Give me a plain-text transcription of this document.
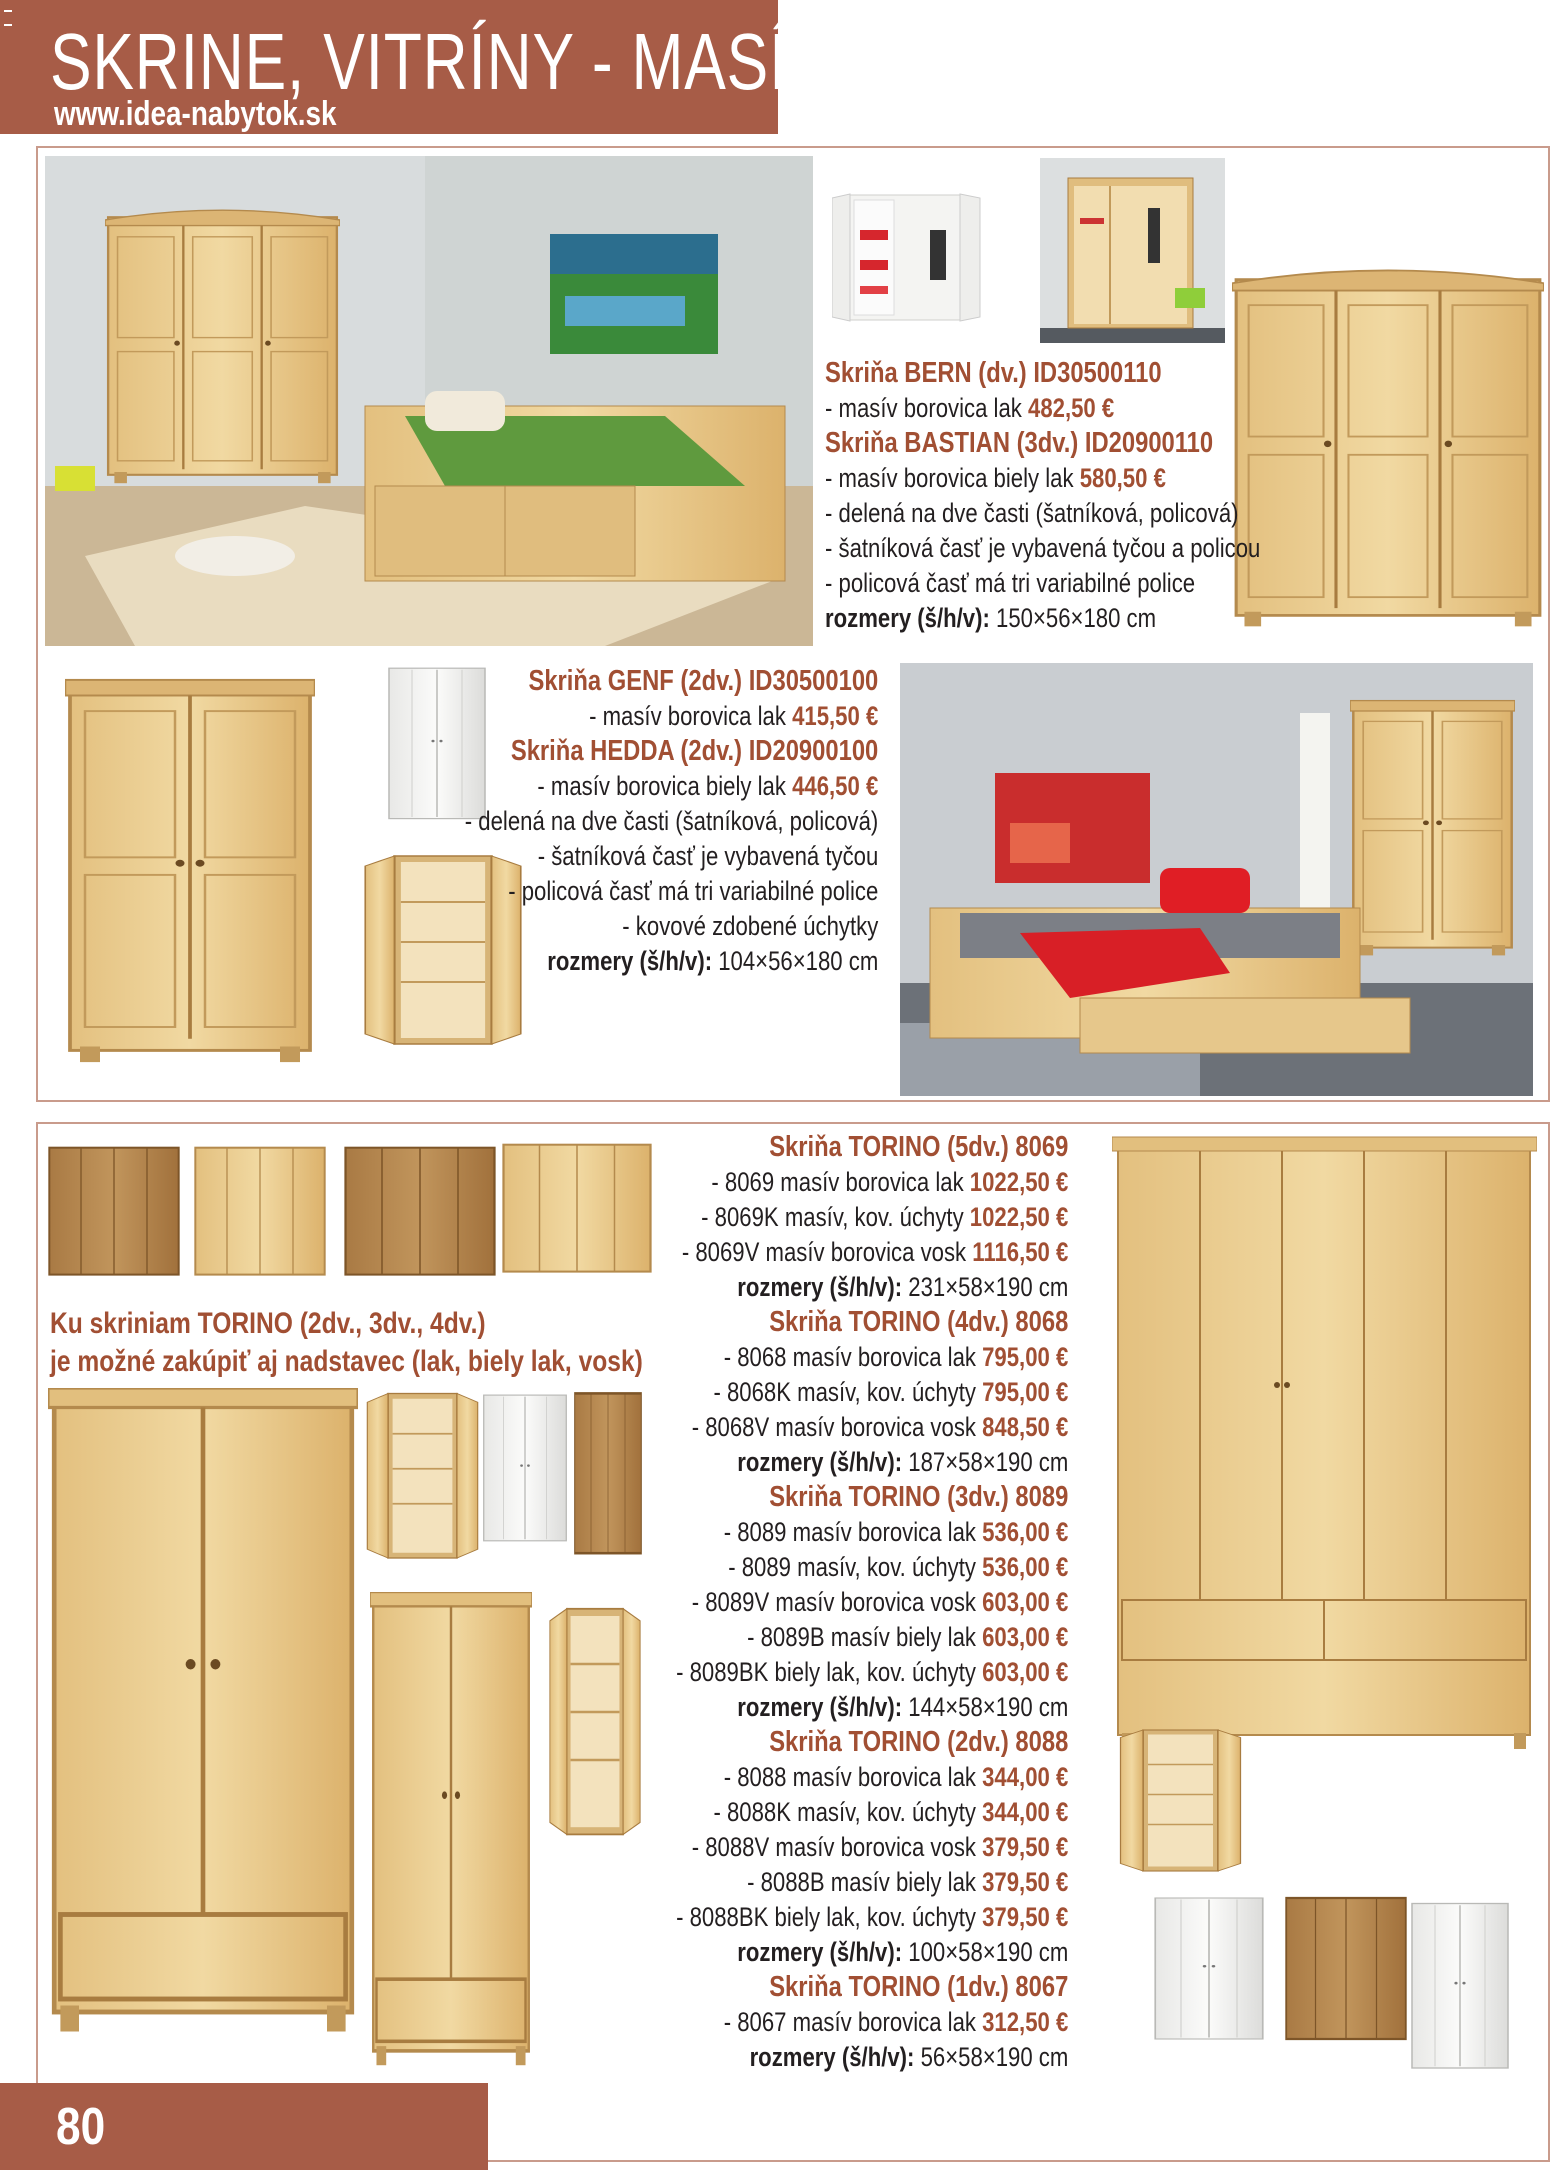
SKRINE, VITRÍNY - MASÍV
www.idea-nabytok.sk
Skriňa BERN (dv.) ID30500110
- masív borovica lak 482,50 €
Skriňa BASTIAN (3dv.) ID20900110
- masív borovica biely lak 580,50 €
- delená na dve časti (šatníková, policová)
- šatníková časť je vybavená tyčou a policou
- policová časť má tri variabilné police
rozmery (š/h/v): 150×56×180 cm
Skriňa GENF (2dv.) ID30500100
- masív borovica lak 415,50 €
Skriňa HEDDA (2dv.) ID20900100
- masív borovica biely lak 446,50 €
- delená na dve časti (šatníková, policová)
- šatníková časť je vybavená tyčou
- policová časť má tri variabilné police
- kovové zdobené úchytky
rozmery (š/h/v): 104×56×180 cm
Ku skriniam TORINO (2dv., 3dv., 4dv.)
je možné zakúpiť aj nadstavec (lak, biely lak, vosk)
Skriňa TORINO (5dv.) 8069
- 8069 masív borovica lak 1022,50 €
- 8069K masív, kov. úchyty 1022,50 €
- 8069V masív borovica vosk 1116,50 €
rozmery (š/h/v): 231×58×190 cm
Skriňa TORINO (4dv.) 8068
- 8068 masív borovica lak 795,00 €
- 8068K masív, kov. úchyty 795,00 €
- 8068V masív borovica vosk 848,50 €
rozmery (š/h/v): 187×58×190 cm
Skriňa TORINO (3dv.) 8089
- 8089 masív borovica lak 536,00 €
- 8089 masív, kov. úchyty 536,00 €
- 8089V masív borovica vosk 603,00 €
- 8089B masív biely lak 603,00 €
- 8089BK biely lak, kov. úchyty 603,00 €
rozmery (š/h/v): 144×58×190 cm
Skriňa TORINO (2dv.) 8088
- 8088 masív borovica lak 344,00 €
- 8088K masív, kov. úchyty 344,00 €
- 8088V masív borovica vosk 379,50 €
- 8088B masív biely lak 379,50 €
- 8088BK biely lak, kov. úchyty 379,50 €
rozmery (š/h/v): 100×58×190 cm
Skriňa TORINO (1dv.) 8067
- 8067 masív borovica lak 312,50 €
rozmery (š/h/v): 56×58×190 cm
80
